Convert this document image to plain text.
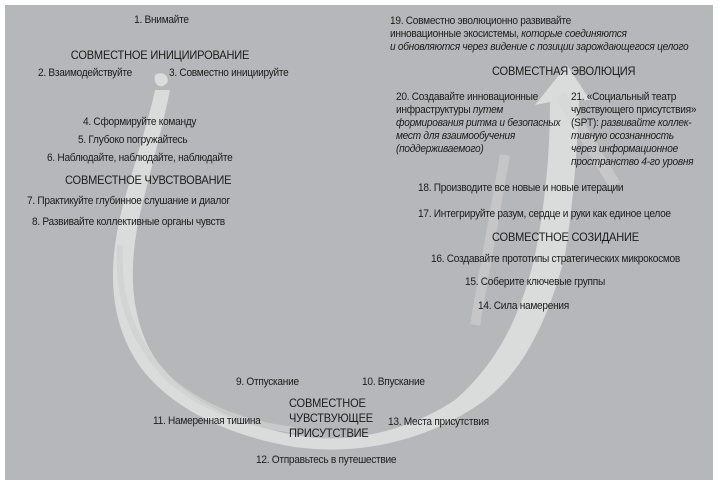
1. Внимайте
СОВМЕСТНОЕ ИНИЦИИРОВАНИЕ
2. Взаимодействуйте	3. Совместно инициируйте
4. Сформируйте команду
5. Глубоко погружайтесь
6. Наблюдайте, наблюдайте, наблюдайте
СОВМЕСТНОЕ ЧУВСТВОВАНИЕ
7. Практикуйте глубинное слушание и диалог
8. Развивайте коллективные органы чувств
9. Отпускание	10. Впускание
СОВМЕСТНОЕ
ЧУВСТВУЮЩЕЕ
ПРИСУТСТВИЕ
11. Намеренная тишина	13. Места присутствия
12. Отправьтесь в путешествие
14. Сила намерения
15. Соберите ключевые группы
16. Создавайте прототипы стратегических микрокосмов
СОВМЕСТНОЕ СОЗИДАНИЕ
17. Интегрируйте разум, сердце и руки как единое целое
18. Производите все новые и новые итерации
19. Совместно эволюционно развивайте
инновационные экосистемы, которые соединяются
и обновляются через видение с позиции зарождающегося целого
СОВМЕСТНАЯ ЭВОЛЮЦИЯ
20. Создавайте инновационные
инфраструктуры путем
формирования ритма и безопасных
мест для взаимообучения
(поддерживаемого)
21. «Социальный театр
чувствующего присутствия»
(SPT): развивайте коллек-
тивную осознанность
через информационное
пространство 4-го уровня
